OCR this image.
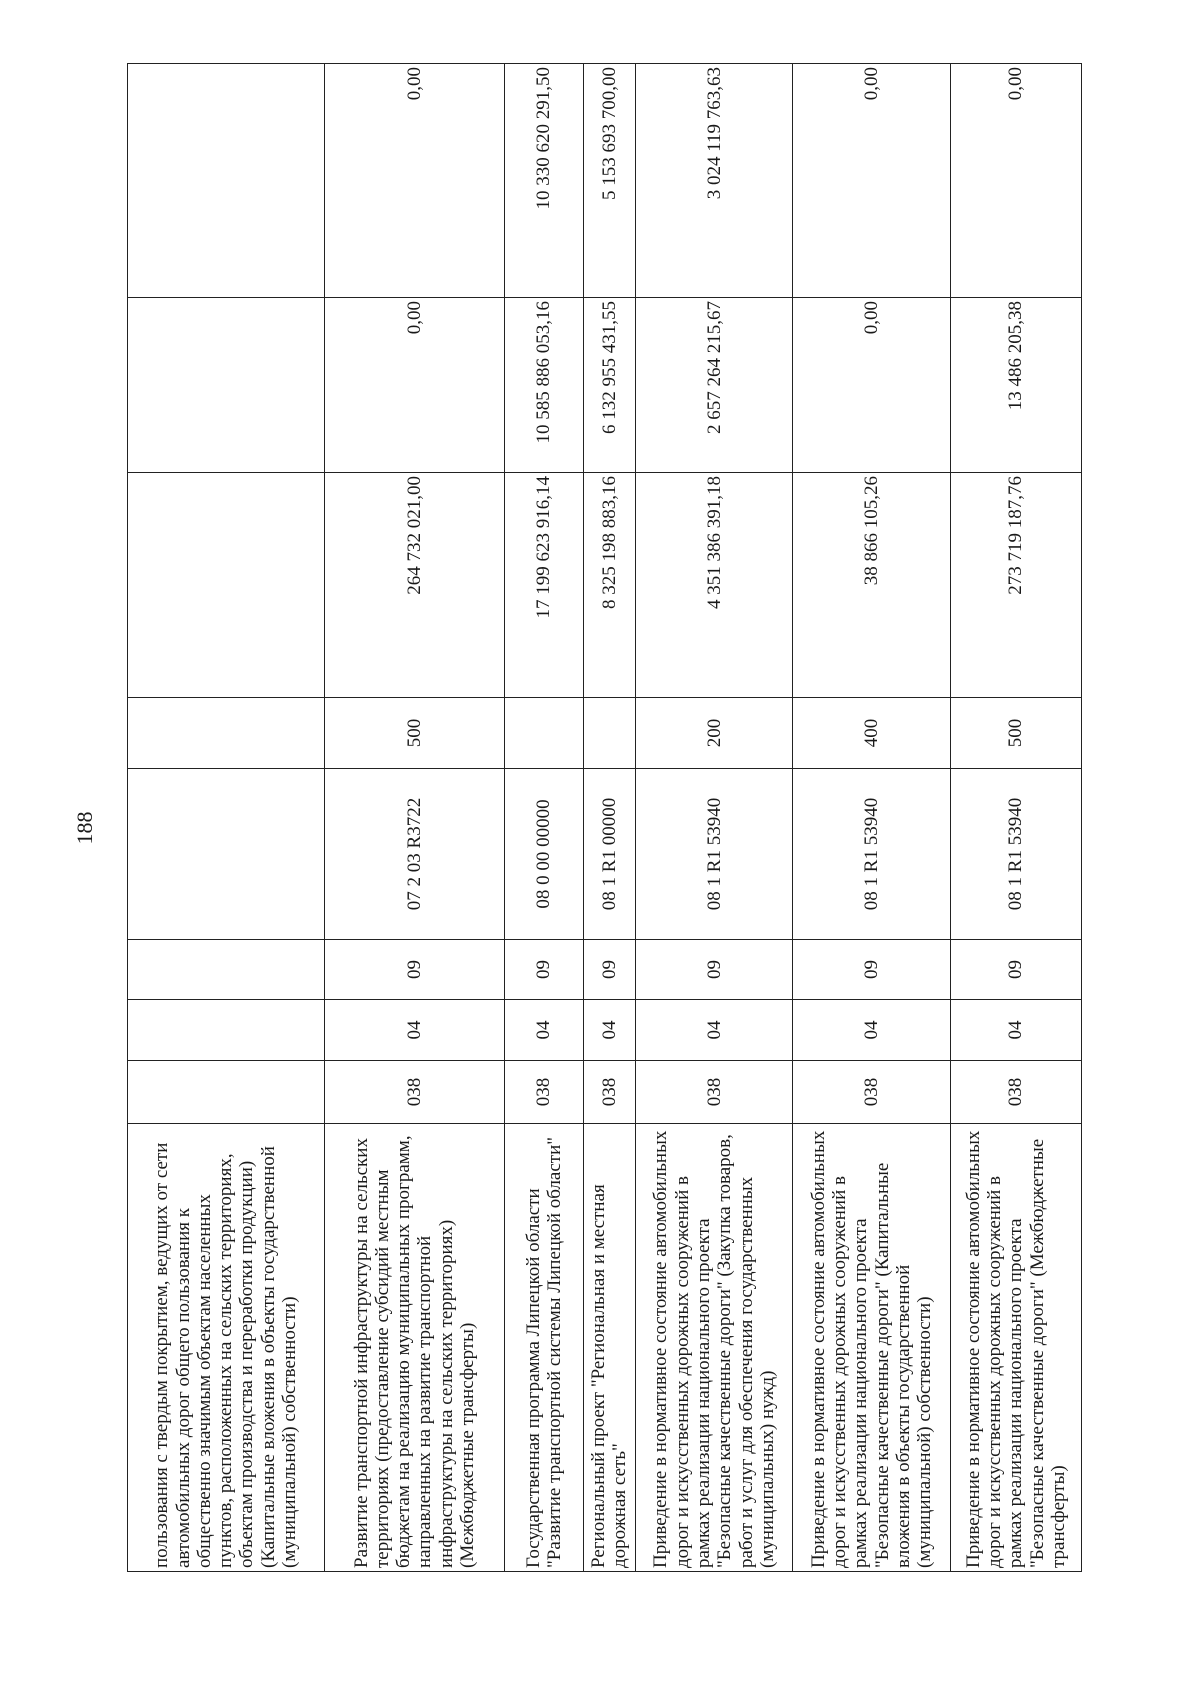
188
пользования с твердым покрытием, ведущих от сети автомобильных дорог общего пользования к общественно значимым объектам населенных пунктов, расположенных на сельских территориях, объектам производства и переработки продукции) (Капитальные вложения в объекты государственной (муниципальной) собственности)								
Развитие транспортной инфраструктуры на сельских территориях (предоставление субсидий местным бюджетам на реализацию муниципальных программ, направленных на развитие транспортной инфраструктуры на сельских территориях) (Межбюджетные трансферты)	038	04	09	07 2 03 R3722	500	264 732 021,00	0,00	0,00
Государственная программа Липецкой области "Развитие транспортной системы Липецкой области"	038	04	09	08 0 00 00000		17 199 623 916,14	10 585 886 053,16	10 330 620 291,50
Региональный проект "Региональная и местная дорожная сеть"	038	04	09	08 1 R1 00000		8 325 198 883,16	6 132 955 431,55	5 153 693 700,00
Приведение в нормативное состояние автомобильных дорог и искусственных дорожных сооружений в рамках реализации национального проекта "Безопасные качественные дороги" (Закупка товаров, работ и услуг для обеспечения государственных (муниципальных) нужд)	038	04	09	08 1 R1 53940	200	4 351 386 391,18	2 657 264 215,67	3 024 119 763,63
Приведение в нормативное состояние автомобильных дорог и искусственных дорожных сооружений в рамках реализации национального проекта "Безопасные качественные дороги" (Капитальные вложения в объекты государственной (муниципальной) собственности)	038	04	09	08 1 R1 53940	400	38 866 105,26	0,00	0,00
Приведение в нормативное состояние автомобильных дорог и искусственных дорожных сооружений в рамках реализации национального проекта "Безопасные качественные дороги" (Межбюджетные трансферты)	038	04	09	08 1 R1 53940	500	273 719 187,76	13 486 205,38	0,00
